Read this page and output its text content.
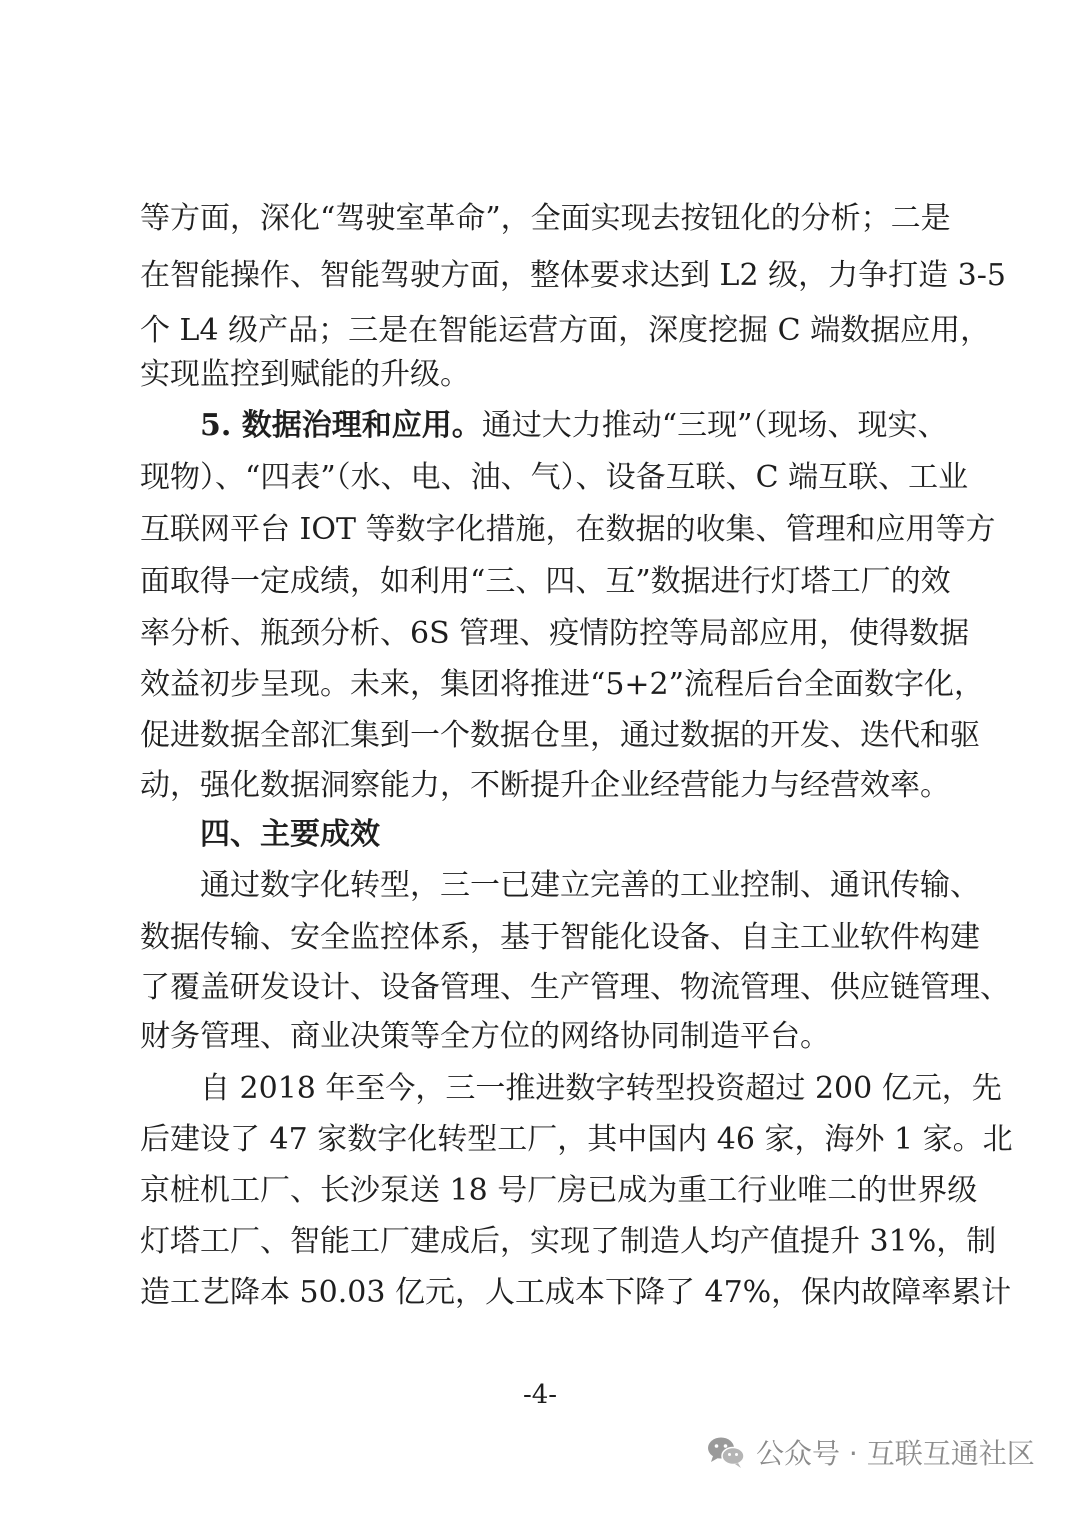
等方面，深化“驾驶室革命”，全面实现去按钮化的分析；二是
在智能操作、智能驾驶方面，整体要求达到 L2 级，力争打造 3-5
个 L4 级产品；三是在智能运营方面，深度挖掘 C 端数据应用，
实现监控到赋能的升级。
5. 数据治理和应用。通过大力推动“三现”（现场、现实、
现物）、“四表”（水、电、油、气）、设备互联、C 端互联、工业
互联网平台 IOT 等数字化措施，在数据的收集、管理和应用等方
面取得一定成绩，如利用“三、四、互”数据进行灯塔工厂的效
率分析、瓶颈分析、6S 管理、疫情防控等局部应用，使得数据
效益初步呈现。未来，集团将推进“5+2”流程后台全面数字化，
促进数据全部汇集到一个数据仓里，通过数据的开发、迭代和驱
动，强化数据洞察能力，不断提升企业经营能力与经营效率。
四、主要成效
通过数字化转型，三一已建立完善的工业控制、通讯传输、
数据传输、安全监控体系，基于智能化设备、自主工业软件构建
了覆盖研发设计、设备管理、生产管理、物流管理、供应链管理、
财务管理、商业决策等全方位的网络协同制造平台。
自 2018 年至今，三一推进数字转型投资超过 200 亿元，先
后建设了 47 家数字化转型工厂，其中国内 46 家，海外 1 家。北
京桩机工厂、长沙泵送 18 号厂房已成为重工行业唯二的世界级
灯塔工厂、智能工厂建成后，实现了制造人均产值提升 31%，制
造工艺降本 50.03 亿元，人工成本下降了 47%，保内故障率累计
-4-
公众号 · 互联互通社区
